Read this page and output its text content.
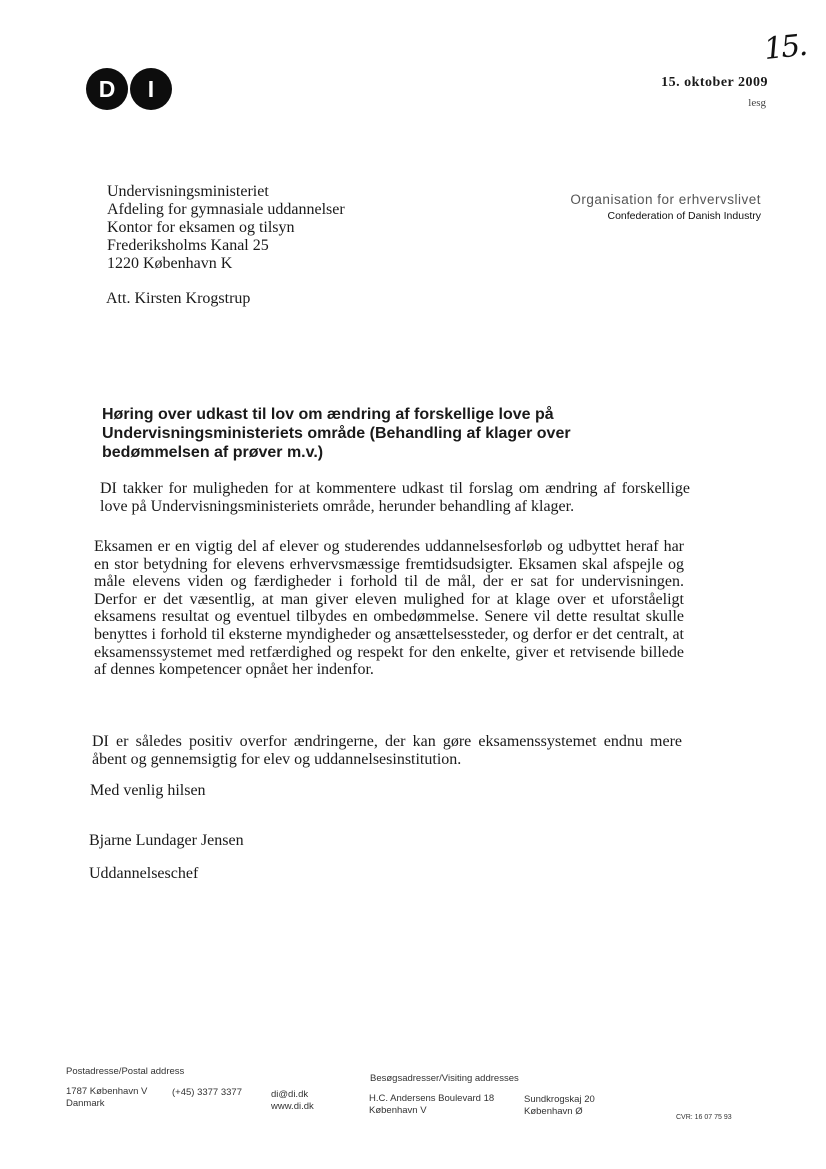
15.
D	I	15. oktober 2009
lesg
Organisation for erhvervslivet
Confederation of Danish Industry
Undervisningsministeriet
Afdeling for gymnasiale uddannelser
Kontor for eksamen og tilsyn
Frederiksholms Kanal 25
1220 København K
Att. Kirsten Krogstrup
Høring over udkast til lov om ændring af forskellige love på Undervisningsministeriets område (Behandling af klager over bedømmelsen af prøver m.v.)
DI takker for muligheden for at kommentere udkast til forslag om ændring af forskellige love på Undervisningsministeriets område, herunder behandling af klager.
Eksamen er en vigtig del af elever og studerendes uddannelsesforløb og udbyttet heraf har en stor betydning for elevens erhvervsmæssige fremtidsudsigter. Eksamen skal afspejle og måle elevens viden og færdigheder i forhold til de mål, der er sat for undervisningen. Derfor er det væsentlig, at man giver eleven mulighed for at klage over et uforståeligt eksamens resultat og eventuel tilbydes en ombedømmelse. Senere vil dette resultat skulle benyttes i forhold til eksterne myndigheder og ansættelsessteder, og derfor er det centralt, at eksamenssystemet med retfærdighed og respekt for den enkelte, giver et retvisende billede af dennes kompetencer opnået her indenfor.
DI er således positiv overfor ændringerne, der kan gøre eksamenssystemet endnu mere åbent og gennemsigtig for elev og uddannelsesinstitution.
Med venlig hilsen
Bjarne Lundager Jensen
Uddannelseschef
Postadresse/Postal address
1787 København V
Danmark
(+45) 3377 3377	di@di.dk
www.di.dk
Besøgsadresser/Visiting addresses
H.C. Andersens Boulevard 18
København V
Sundkrogskaj 20
København Ø
CVR: 16 07 75 93
